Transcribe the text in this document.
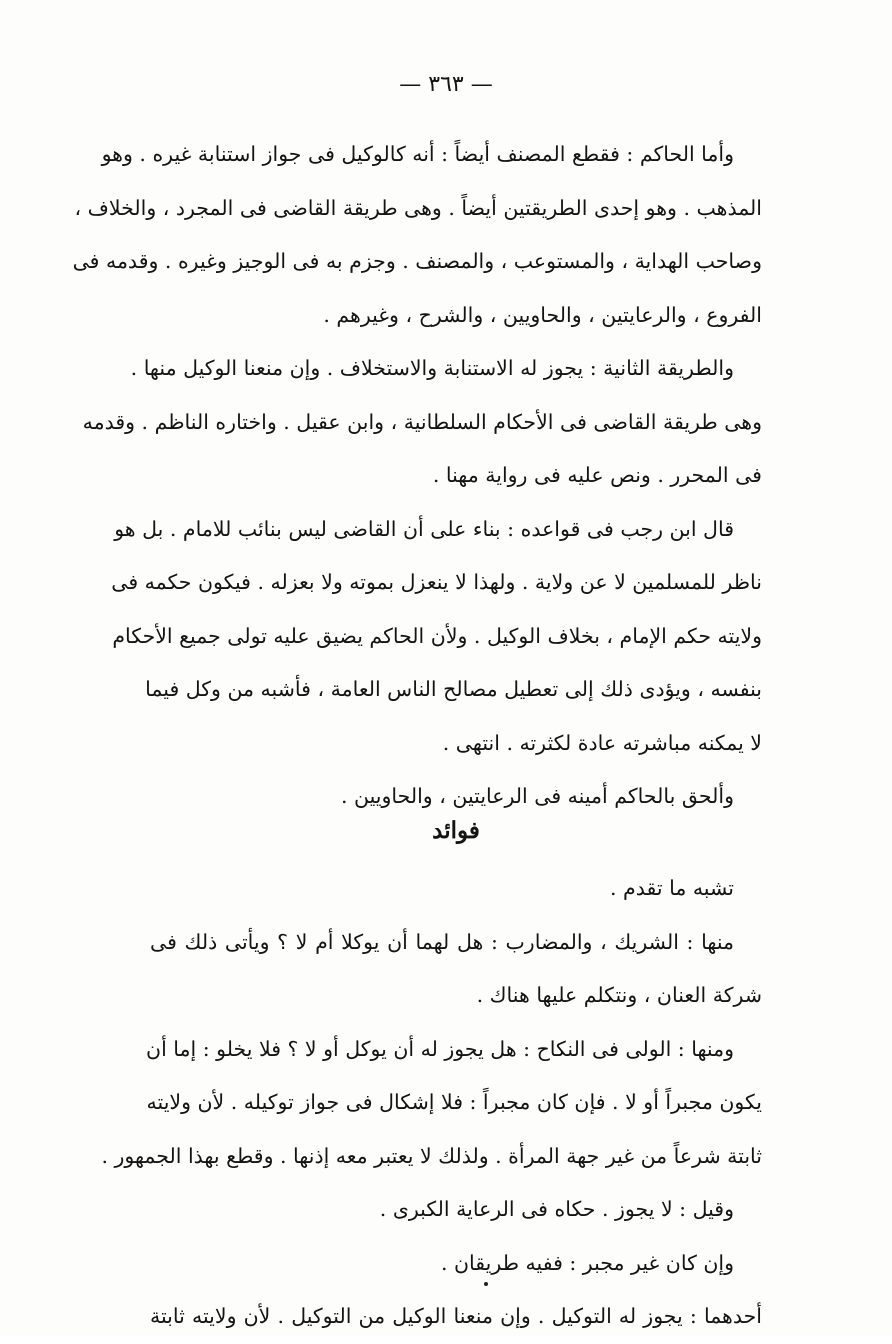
— ٣٦٣ —
وأما الحاكم : فقطع المصنف أيضاً : أنه كالوكيل فى جواز استنابة غيره . وهو
المذهب . وهو إحدى الطريقتين أيضاً . وهى طريقة القاضى فى المجرد ، والخلاف ،
وصاحب الهداية ، والمستوعب ، والمصنف . وجزم به فى الوجيز وغيره . وقدمه فى
الفروع ، والرعايتين ، والحاويين ، والشرح ، وغيرهم .
والطريقة الثانية : يجوز له الاستنابة والاستخلاف . وإن منعنا الوكيل منها .
وهى طريقة القاضى فى الأحكام السلطانية ، وابن عقيل . واختاره الناظم . وقدمه
فى المحرر . ونص عليه فى رواية مهنا .
قال ابن رجب فى قواعده : بناء على أن القاضى ليس بنائب للامام . بل هو
ناظر للمسلمين لا عن ولاية . ولهذا لا ينعزل بموته ولا بعزله . فيكون حكمه فى
ولايته حكم الإمام ، بخلاف الوكيل . ولأن الحاكم يضيق عليه تولى جميع الأحكام
بنفسه ، ويؤدى ذلك إلى تعطيل مصالح الناس العامة ، فأشبه من وكل فيما
لا يمكنه مباشرته عادة لكثرته . انتهى .
وألحق بالحاكم أمينه فى الرعايتين ، والحاويين .
فوائد
تشبه ما تقدم .
منها : الشريك ، والمضارب : هل لهما أن يوكلا أم لا ؟ ويأتى ذلك فى
شركة العنان ، ونتكلم عليها هناك .
ومنها : الولى فى النكاح : هل يجوز له أن يوكل أو لا ؟ فلا يخلو : إما أن
يكون مجبراً أو لا . فإن كان مجبراً : فلا إشكال فى جواز توكيله . لأن ولايته
ثابتة شرعاً من غير جهة المرأة . ولذلك لا يعتبر معه إذنها . وقطع بهذا الجمهور .
وقيل : لا يجوز . حكاه فى الرعاية الكبرى .
وإن كان غير مجبر : ففيه طريقان .
أحدهما : يجوز له التوكيل . وإن منعنا الوكيل من التوكيل . لأن ولايته ثابتة
